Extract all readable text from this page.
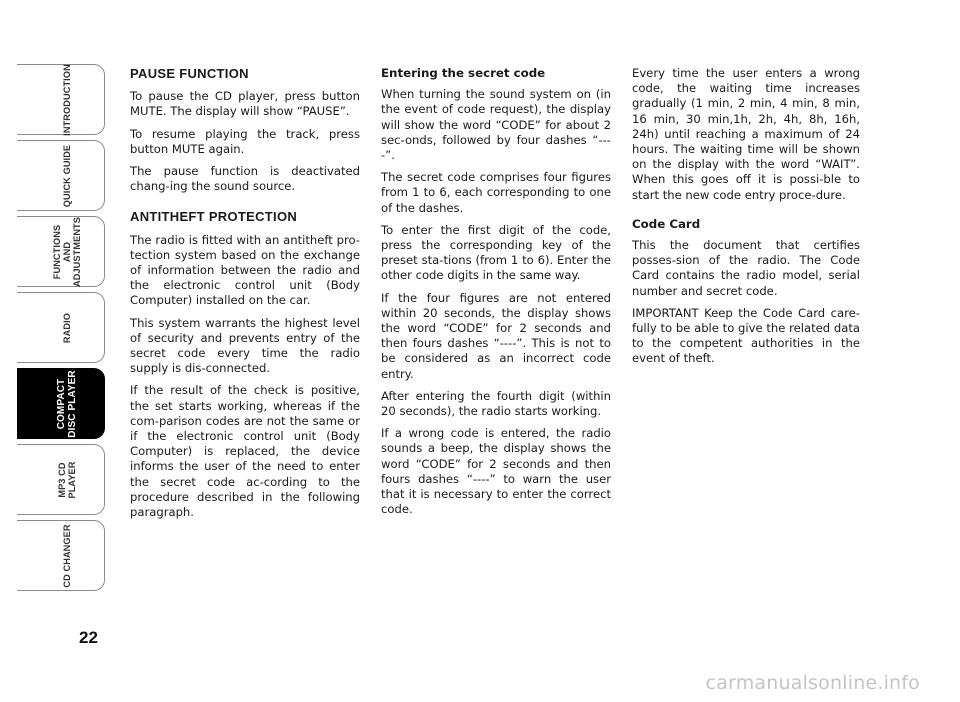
INTRODUCTION
QUICK GUIDE
FUNCTIONS AND ADJUSTMENTS
RADIO
COMPACT DISC PLAYER
MP3 CD PLAYER
CD CHANGER
22
PAUSE FUNCTION

To pause the CD player, press button MUTE. The display will show “PAUSE”.

To resume playing the track, press button MUTE again.

The pause function is deactivated chang-ing the sound source.

ANTITHEFT PROTECTION

The radio is fitted with an antitheft pro-tection system based on the exchange of information between the radio and the electronic control unit (Body Computer) installed on the car.

This system warrants the highest level of security and prevents entry of the secret code every time the radio supply is dis-connected.

If the result of the check is positive, the set starts working, whereas if the com-parison codes are not the same or if the electronic control unit (Body Computer) is replaced, the device informs the user of the need to enter the secret code ac-cording to the procedure described in the following paragraph.

Entering the secret code

When turning the sound system on (in the event of code request), the display will show the word “CODE” for about 2 sec-onds, followed by four dashes “----”.

The secret code comprises four figures from 1 to 6, each corresponding to one of the dashes.

To enter the first digit of the code, press the corresponding key of the preset sta-tions (from 1 to 6). Enter the other code digits in the same way.

If the four figures are not entered within 20 seconds, the display shows the word “CODE” for 2 seconds and then fours dashes “----”. This is not to be considered as an incorrect code entry.

After entering the fourth digit (within 20 seconds), the radio starts working.

If a wrong code is entered, the radio sounds a beep, the display shows the word “CODE” for 2 seconds and then fours dashes “----” to warn the user that it is necessary to enter the correct code.

Every time the user enters a wrong code, the waiting time increases gradually (1 min, 2 min, 4 min, 8 min, 16 min, 30 min,1h, 2h, 4h, 8h, 16h, 24h) until reaching a maximum of 24 hours. The waiting time will be shown on the display with the word “WAIT”. When this goes off it is possi-ble to start the new code entry proce-dure.

Code Card

This the document that certifies posses-sion of the radio. The Code Card contains the radio model, serial number and secret code.

IMPORTANT Keep the Code Card care-fully to be able to give the related data to the competent authorities in the event of theft.

carmanualsonline.info
